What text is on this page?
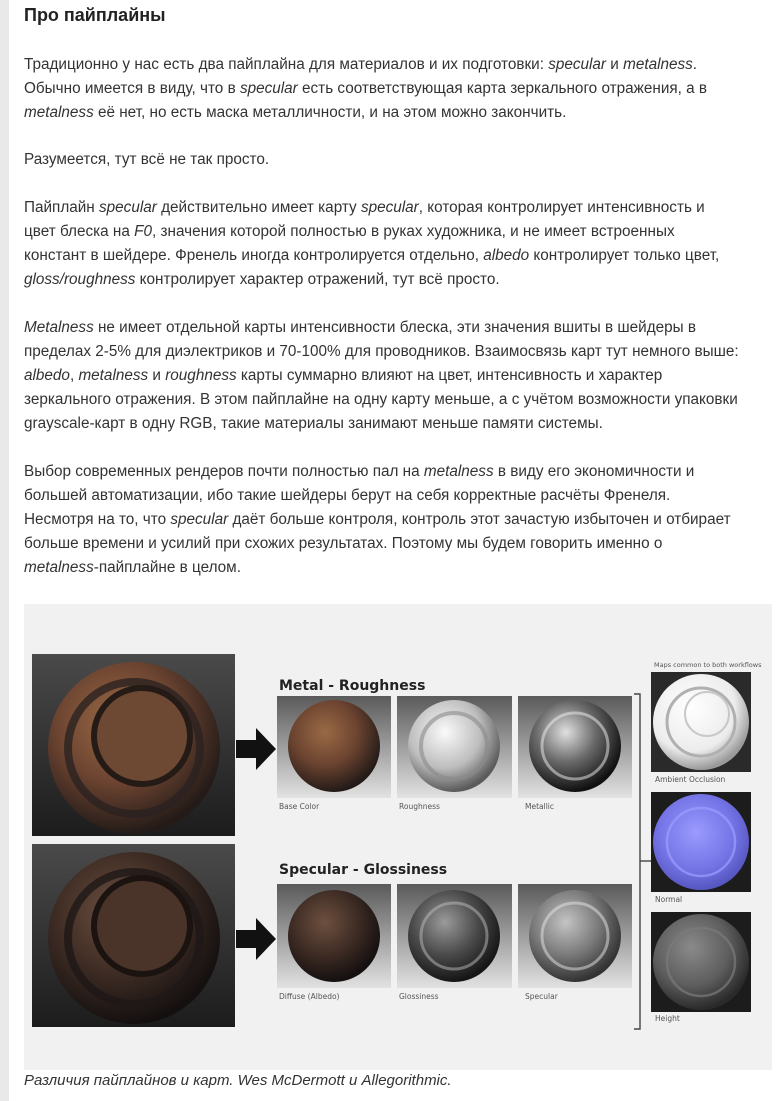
Про пайплайны
Традиционно у нас есть два пайплайна для материалов и их подготовки: specular и metalness.
Обычно имеется в виду, что в specular есть соответствующая карта зеркального отражения, а в
metalness её нет, но есть маска металличности, и на этом можно закончить.
Разумеется, тут всё не так просто.
Пайплайн specular действительно имеет карту specular, которая контролирует интенсивность и
цвет блеска на F0, значения которой полностью в руках художника, и не имеет встроенных
констант в шейдере. Френель иногда контролируется отдельно, albedo контролирует только цвет,
gloss/roughness контролирует характер отражений, тут всё просто.
Metalness не имеет отдельной карты интенсивности блеска, эти значения вшиты в шейдеры в
пределах 2-5% для диэлектриков и 70-100% для проводников. Взаимосвязь карт тут немного выше:
albedo, metalness и roughness карты суммарно влияют на цвет, интенсивность и характер
зеркального отражения. В этом пайплайне на одну карту меньше, а с учётом возможности упаковки
grayscale-карт в одну RGB, такие материалы занимают меньше памяти системы.
Выбор современных рендеров почти полностью пал на metalness в виду его экономичности и
большей автоматизации, ибо такие шейдеры берут на себя корректные расчёты Френеля.
Несмотря на то, что specular даёт больше контроля, контроль этот зачастую избыточен и отбирает
больше времени и усилий при схожих результатах. Поэтому мы будем говорить именно о
metalness-пайплайне в целом.
Metal - Roughness
Specular - Glossiness
Maps common to both workflows
Base Color	Roughness	Metallic
Diffuse (Albedo)	Glossiness	Specular
Ambient Occlusion
Normal
Height
Различия пайплайнов и карт. Wes McDermott и Allegorithmic.
